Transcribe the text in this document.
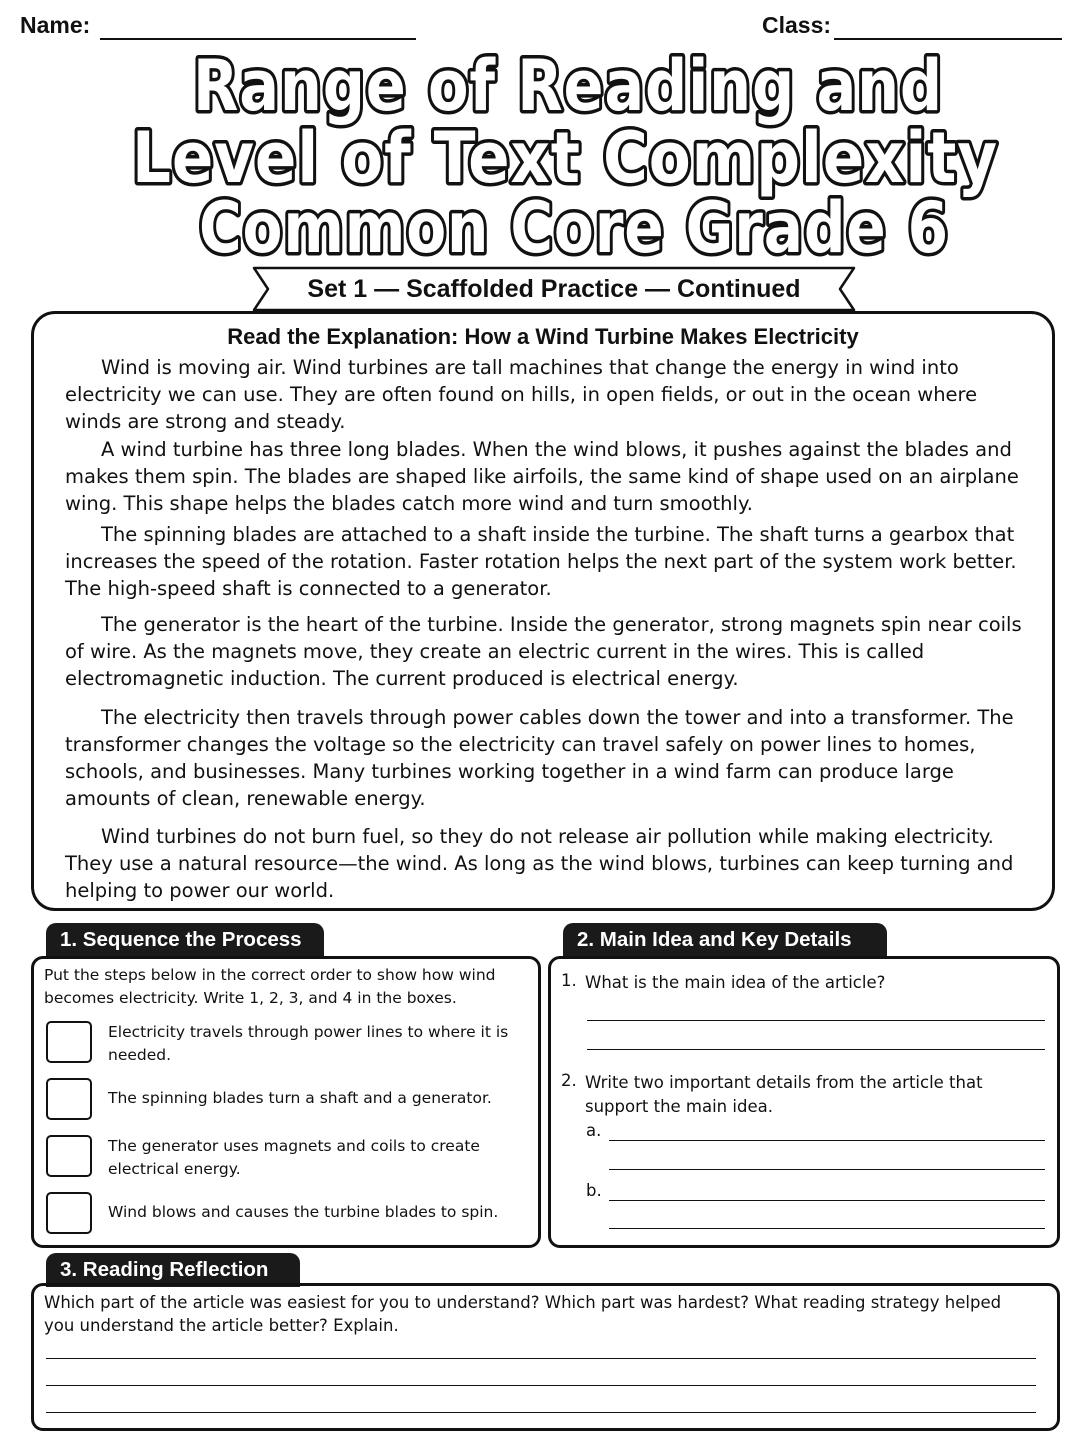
Name:	Class:
Range of Reading and
Level of Text Complexity
Common Core Grade 6
Set 1 — Scaffolded Practice — Continued
Read the Explanation: How a Wind Turbine Makes Electricity
Wind is moving air. Wind turbines are tall machines that change the energy in wind into electricity we can use. They are often found on hills, in open fields, or out in the ocean where winds are strong and steady.
A wind turbine has three long blades. When the wind blows, it pushes against the blades and makes them spin. The blades are shaped like airfoils, the same kind of shape used on an airplane wing. This shape helps the blades catch more wind and turn smoothly.
The spinning blades are attached to a shaft inside the turbine. The shaft turns a gearbox that increases the speed of the rotation. Faster rotation helps the next part of the system work better. The high-speed shaft is connected to a generator.
The generator is the heart of the turbine. Inside the generator, strong magnets spin near coils of wire. As the magnets move, they create an electric current in the wires. This is called electromagnetic induction. The current produced is electrical energy.
The electricity then travels through power cables down the tower and into a transformer. The transformer changes the voltage so the electricity can travel safely on power lines to homes, schools, and businesses. Many turbines working together in a wind farm can produce large amounts of clean, renewable energy.
Wind turbines do not burn fuel, so they do not release air pollution while making electricity. They use a natural resource—the wind. As long as the wind blows, turbines can keep turning and helping to power our world.
1. Sequence the Process
Put the steps below in the correct order to show how wind becomes electricity. Write 1, 2, 3, and 4 in the boxes.
Electricity travels through power lines to where it is needed.
The spinning blades turn a shaft and a generator.
The generator uses magnets and coils to create electrical energy.
Wind blows and causes the turbine blades to spin.
2. Main Idea and Key Details
1. What is the main idea of the article?
2. Write two important details from the article that support the main idea.
a.
b.
3. Reading Reflection
Which part of the article was easiest for you to understand? Which part was hardest? What reading strategy helped you understand the article better? Explain.
